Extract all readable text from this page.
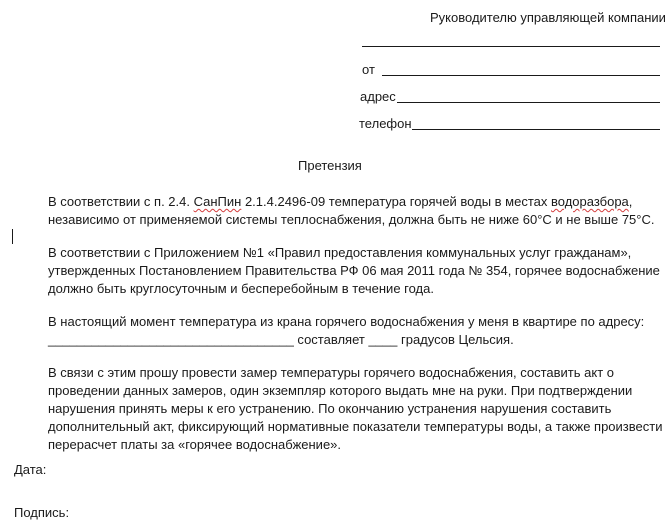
Руководителю управляющей компании
от
адрес
телефон
Претензия
В соответствии с п. 2.4. СанПин 2.1.4.2496-09 температура горячей воды в местах водоразбора,
независимо от применяемой системы теплоснабжения, должна быть не ниже 60°С и не выше 75°С.
В соответствии с Приложением №1 «Правил предоставления коммунальных услуг гражданам»,
утвержденных Постановлением Правительства РФ 06 мая 2011 года № 354, горячее водоснабжение
должно быть круглосуточным и бесперебойным в течение года.
В настоящий момент температура из крана горячего водоснабжения у меня в квартире по адресу:
__________________________________ составляет ____ градусов Цельсия.
В связи с этим прошу провести замер температуры горячего водоснабжения, составить акт о
проведении данных замеров, один экземпляр которого выдать мне на руки. При подтверждении
нарушения принять меры к его устранению. По окончанию устранения нарушения составить
дополнительный акт, фиксирующий нормативные показатели температуры воды, а также произвести
перерасчет платы за «горячее водоснабжение».
Дата:
Подпись:
